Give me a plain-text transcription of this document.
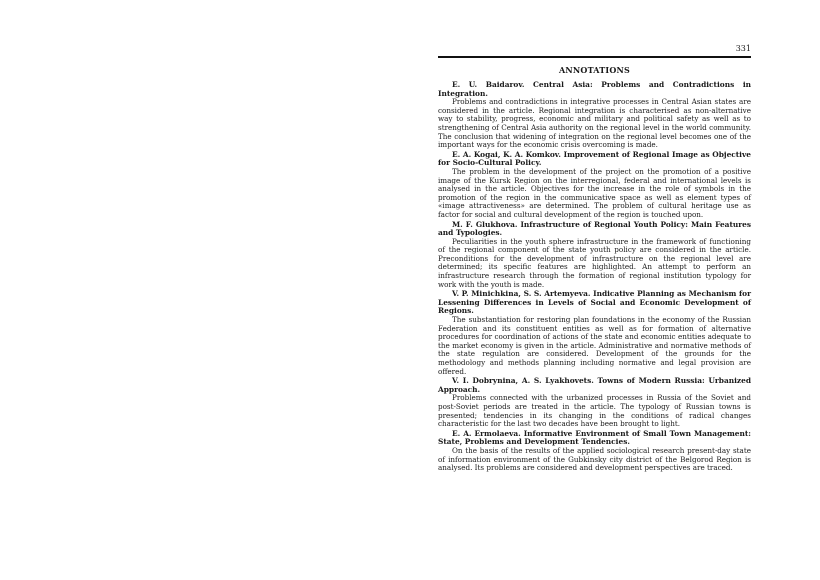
331
ANNOTATIONS
E. U. Baidarov. Central Asia: Problems and Contradictions in Integration.
Problems and contradictions in integrative processes in Central Asian states are considered in the article. Regional integration is characterised as non-alternative way to stability, progress, economic and military and political safety as well as to strengthening of Central Asia authority on the regional level in the world community. The conclusion that widening of integration on the regional level becomes one of the important ways for the economic crisis overcoming is made.
E. A. Kogai, K. A. Komkov. Improvement of Regional Image as Objective for Socio-Cultural Policy.
The problem in the development of the project on the promotion of a positive image of the Kursk Region on the interregional, federal and international levels is analysed in the article. Objectives for the increase in the role of symbols in the promotion of the region in the communicative space as well as element types of «image attractiveness» are determined. The problem of cultural heritage use as factor for social and cultural development of the region is touched upon.
M. F. Glukhova. Infrastructure of Regional Youth Policy: Main Features and Typologies.
Peculiarities in the youth sphere infrastructure in the framework of functioning of the regional component of the state youth policy are considered in the article. Preconditions for the development of infrastructure on the regional level are determined; its specific features are highlighted. An attempt to perform an infrastructure research through the formation of regional institution typology for work with the youth is made.
V. P. Minichkina, S. S. Artemyeva. Indicative Planning as Mechanism for Lessening Differences in Levels of Social and Economic Development of Regions.
The substantiation for restoring plan foundations in the economy of the Russian Federation and its constituent entities as well as for formation of alternative procedures for coordination of actions of the state and economic entities adequate to the market economy is given in the article. Administrative and normative methods of the state regulation are considered. Development of the grounds for the methodology and methods planning including normative and legal provision are offered.
V. I. Dobrynina, A. S. Lyakhovets. Towns of Modern Russia: Urbanized Approach.
Problems connected with the urbanized processes in Russia of the Soviet and post-Soviet periods are treated in the article. The typology of Russian towns is presented; tendencies in its changing in the conditions of radical changes characteristic for the last two decades have been brought to light.
E. A. Ermolaeva. Informative Environment of Small Town Management: State, Problems and Development Tendencies.
On the basis of the results of the applied sociological research present-day state of information environment of the Gubkinsky city district of the Belgorod Region is analysed. Its problems are considered and development perspectives are traced.
